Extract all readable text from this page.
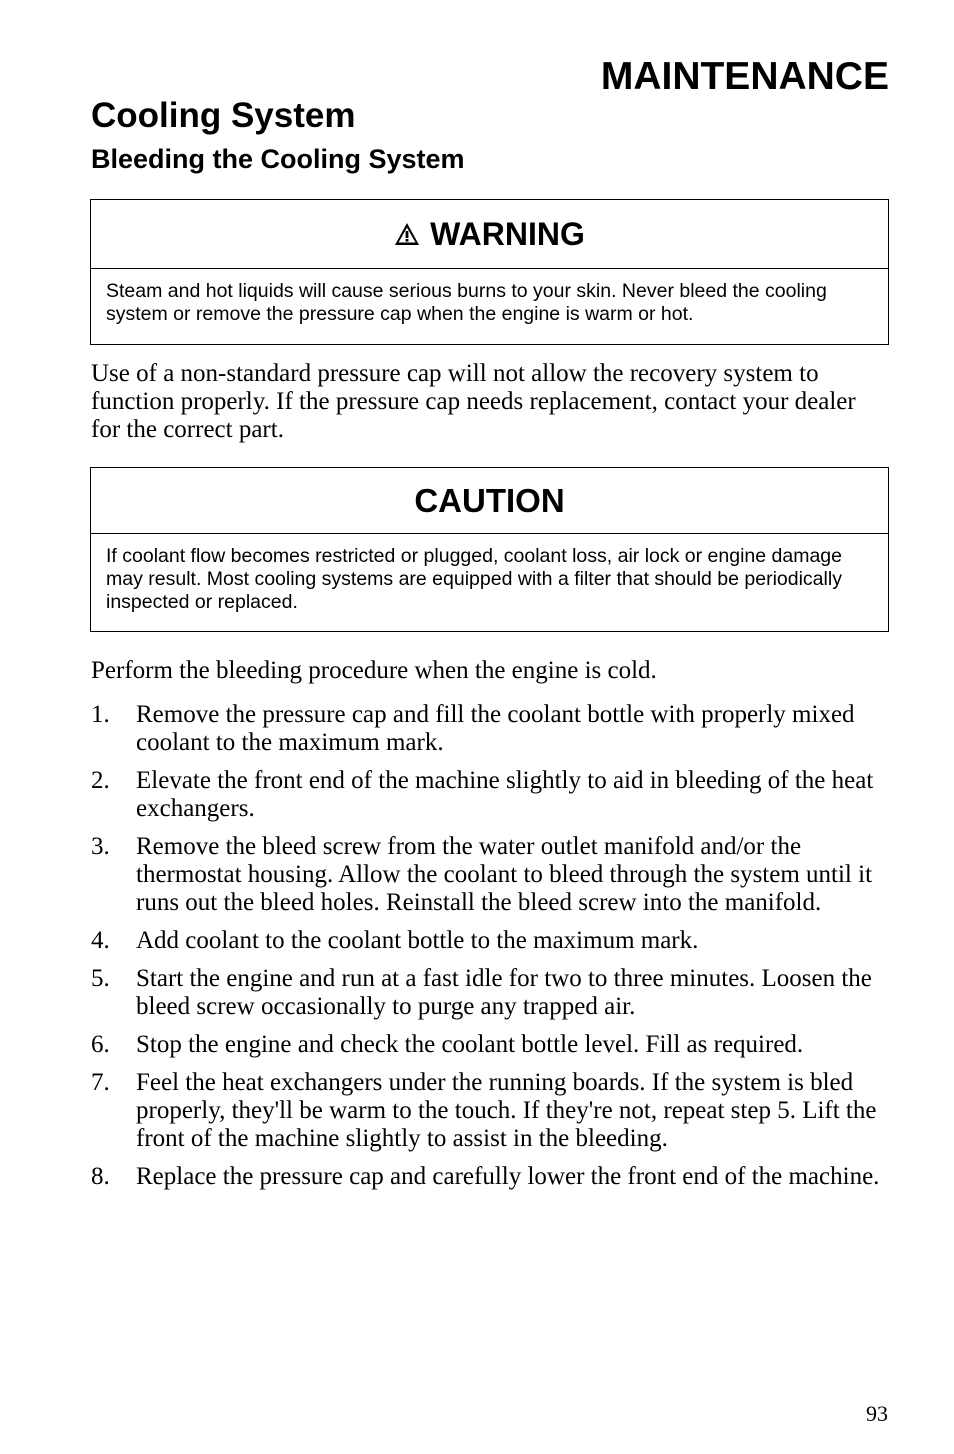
MAINTENANCE
Cooling System
Bleeding the Cooling System
WARNING
Steam and hot liquids will cause serious burns to your skin. Never bleed the cooling system or remove the pressure cap when the engine is warm or hot.

Use of a non-standard pressure cap will not allow the recovery system to function properly. If the pressure cap needs replacement, contact your dealer for the correct part.

CAUTION
If coolant flow becomes restricted or plugged, coolant loss, air lock or engine damage may result. Most cooling systems are equipped with a filter that should be periodically inspected or replaced.

Perform the bleeding procedure when the engine is cold.

1.	Remove the pressure cap and fill the coolant bottle with properly mixed coolant to the maximum mark.
2.	Elevate the front end of the machine slightly to aid in bleeding of the heat exchangers.
3.	Remove the bleed screw from the water outlet manifold and/or the thermostat housing. Allow the coolant to bleed through the system until it runs out the bleed holes. Reinstall the bleed screw into the manifold.
4.	Add coolant to the coolant bottle to the maximum mark.
5.	Start the engine and run at a fast idle for two to three minutes. Loosen the bleed screw occasionally to purge any trapped air.
6.	Stop the engine and check the coolant bottle level. Fill as required.
7.	Feel the heat exchangers under the running boards. If the system is bled properly, they'll be warm to the touch. If they're not, repeat step 5. Lift the front of the machine slightly to assist in the bleeding.
8.	Replace the pressure cap and carefully lower the front end of the machine.
93
